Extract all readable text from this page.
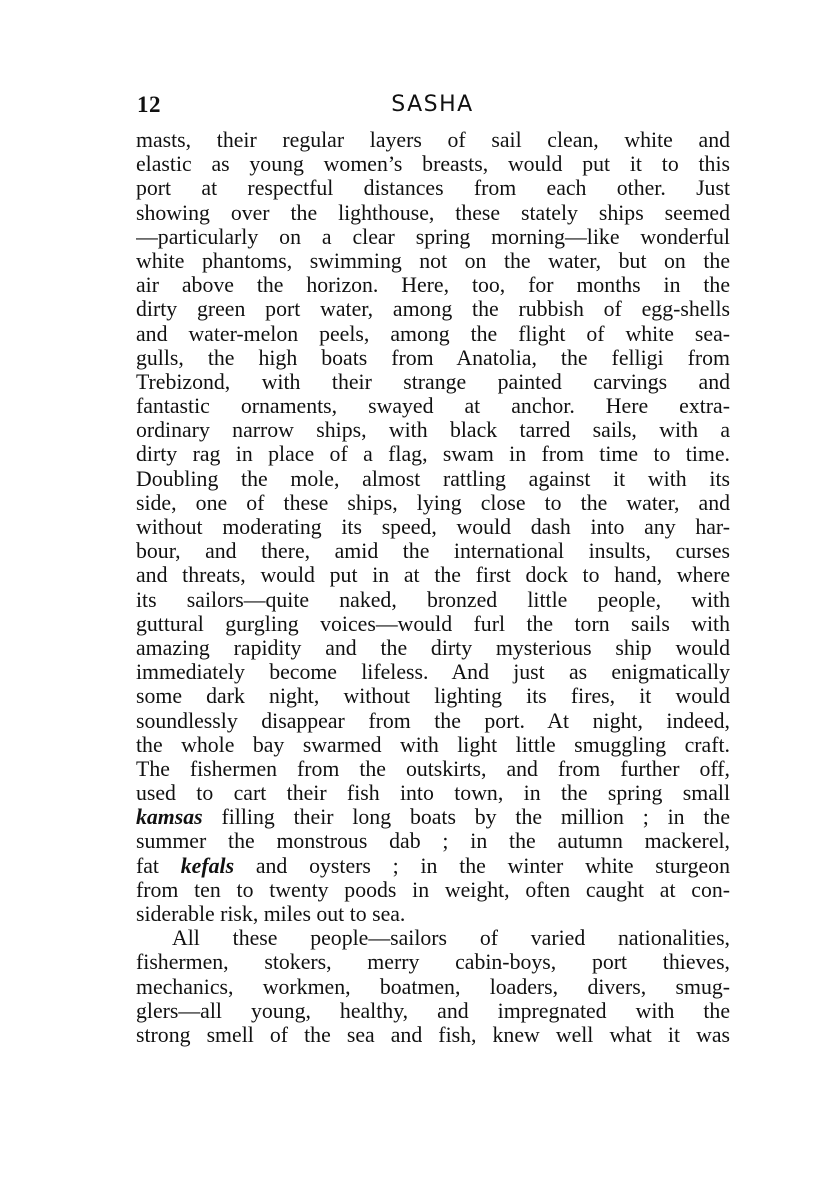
12	SASHA
masts, their regular layers of sail clean, white and
elastic as young women’s breasts, would put it to this
port at respectful distances from each other. Just
showing over the lighthouse, these stately ships seemed
—particularly on a clear spring morning—like wonderful
white phantoms, swimming not on the water, but on the
air above the horizon. Here, too, for months in the
dirty green port water, among the rubbish of egg-shells
and water-melon peels, among the flight of white sea-
gulls, the high boats from Anatolia, the felligi from
Trebizond, with their strange painted carvings and
fantastic ornaments, swayed at anchor. Here extra-
ordinary narrow ships, with black tarred sails, with a
dirty rag in place of a flag, swam in from time to time.
Doubling the mole, almost rattling against it with its
side, one of these ships, lying close to the water, and
without moderating its speed, would dash into any har-
bour, and there, amid the international insults, curses
and threats, would put in at the first dock to hand, where
its sailors—quite naked, bronzed little people, with
guttural gurgling voices—would furl the torn sails with
amazing rapidity and the dirty mysterious ship would
immediately become lifeless. And just as enigmatically
some dark night, without lighting its fires, it would
soundlessly disappear from the port. At night, indeed,
the whole bay swarmed with light little smuggling craft.
The fishermen from the outskirts, and from further off,
used to cart their fish into town, in the spring small
kamsas filling their long boats by the million ; in the
summer the monstrous dab ; in the autumn mackerel,
fat kefals and oysters ; in the winter white sturgeon
from ten to twenty poods in weight, often caught at con-
siderable risk, miles out to sea.
All these people—sailors of varied nationalities,
fishermen, stokers, merry cabin-boys, port thieves,
mechanics, workmen, boatmen, loaders, divers, smug-
glers—all young, healthy, and impregnated with the
strong smell of the sea and fish, knew well what it was
